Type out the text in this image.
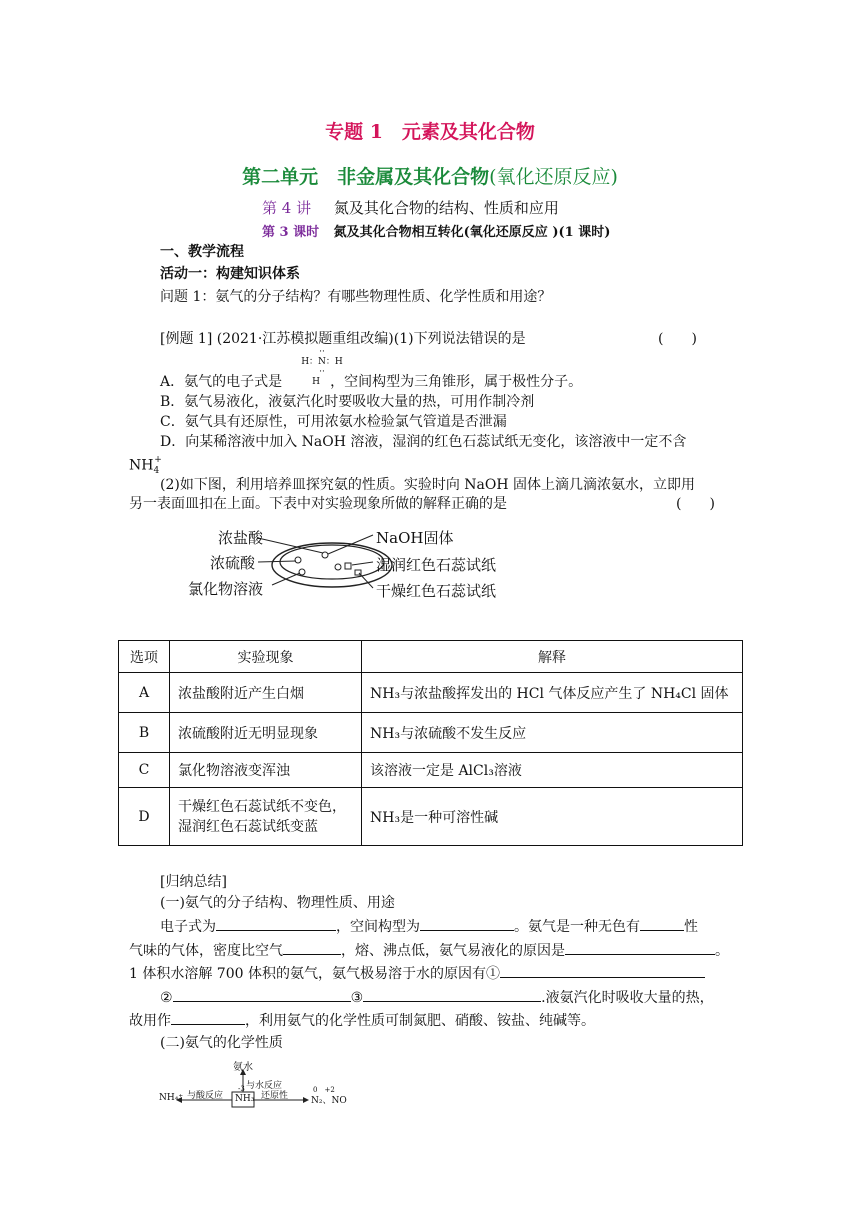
专题 1　元素及其化合物
第二单元　非金属及其化合物(氧化还原反应)
第 4 讲 氮及其化合物的结构、性质和应用
第 3 课时 氮及其化合物相互转化(氧化还原反应 )(1 课时)
一、教学流程
活动一：构建知识体系
问题 1：氨气的分子结构？有哪些物理性质、化学性质和用途？
[例题 1] (2021·江苏模拟题重组改编)(1)下列说法错误的是	(　　)
··
H：N：H
··
H
A．氨气的电子式是	，空间构型为三角锥形，属于极性分子。
B．氨气易液化，液氨汽化时要吸收大量的热，可用作制冷剂
C．氨气具有还原性，可用浓氨水检验氯气管道是否泄漏
D．向某稀溶液中加入 NaOH 溶液，湿润的红色石蕊试纸无变化，该溶液中一定不含
$NH_4^+$
(2)如下图，利用培养皿探究氨的性质。实验时向 NaOH 固体上滴几滴浓氨水，立即用
另一表面皿扣在上面。下表中对实验现象所做的解释正确的是	(　　)
浓盐酸
浓硫酸
氯化物溶液
NaOH固体
湿润红色石蕊试纸
干燥红色石蕊试纸
选项	实验现象	解释
A	浓盐酸附近产生白烟	NH₃与浓盐酸挥发出的 HCl 气体反应产生了 NH₄Cl 固体
B	浓硫酸附近无明显现象	NH₃与浓硫酸不发生反应
C	氯化物溶液变浑浊	该溶液一定是 AlCl₃溶液
D	干燥红色石蕊试纸不变色，湿润红色石蕊试纸变蓝	NH₃是一种可溶性碱
[归纳总结]
(一)氨气的分子结构、物理性质、用途
电子式为	，空间构型为	。氨气是一种无色有	性
气味的气体，密度比空气	，熔、沸点低，氨气易液化的原因是	。
1 体积水溶解 700 体积的氨气，氨气极易溶于水的原因有①
②	③	.液氨汽化时吸收大量的热，
故用作	，利用氨气的化学性质可制氮肥、硝酸、铵盐、纯碱等。
(二)氨气的化学性质
氨水
与水反应
NH₄⁺ 与酸反应
-3
NH₃ 还原性
0　+2
N₂、NO
